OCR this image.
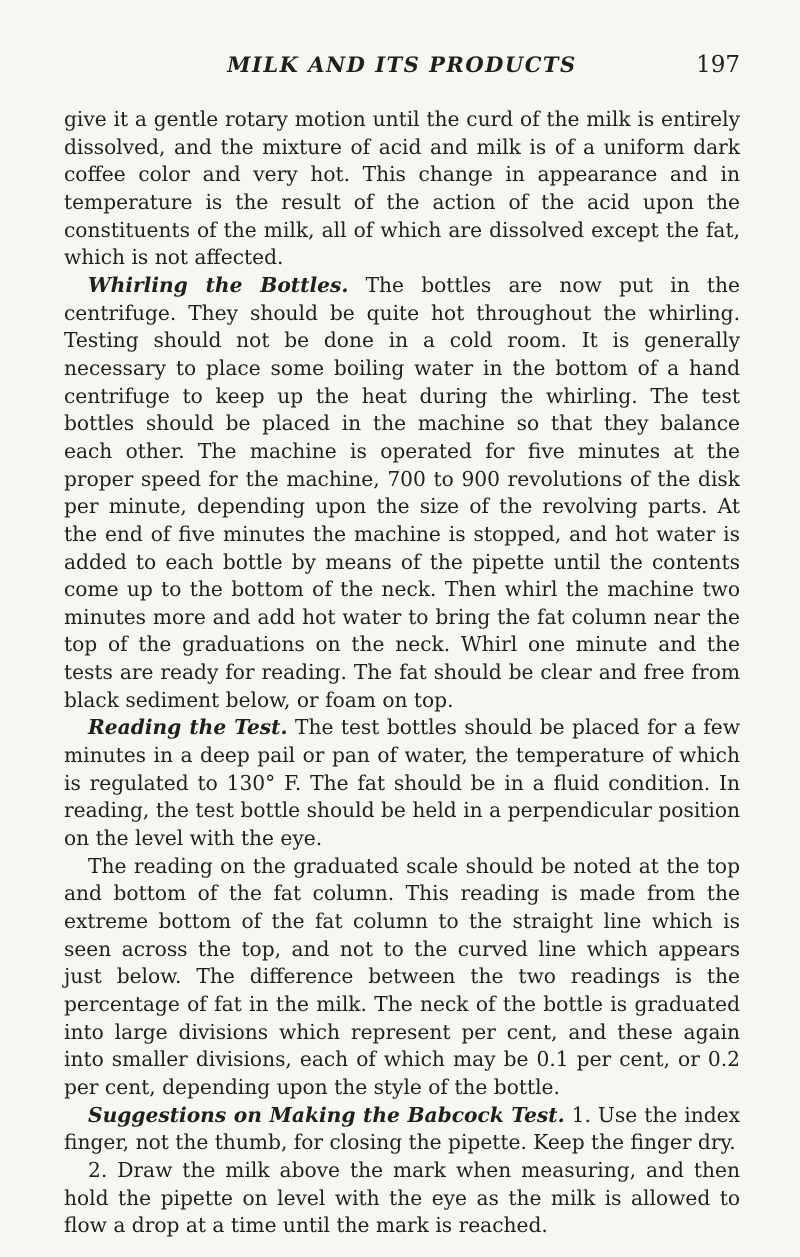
MILK AND ITS PRODUCTS	197

give it a gentle rotary motion until the curd of the milk is entirely dissolved, and the mixture of acid and milk is of a uniform dark coffee color and very hot. This change in appearance and in temperature is the result of the action of the acid upon the constituents of the milk, all of which are dissolved except the fat, which is not affected.

Whirling the Bottles. The bottles are now put in the centrifuge. They should be quite hot throughout the whirling. Testing should not be done in a cold room. It is generally necessary to place some boiling water in the bottom of a hand centrifuge to keep up the heat during the whirling. The test bottles should be placed in the machine so that they balance each other. The machine is operated for five minutes at the proper speed for the machine, 700 to 900 revolutions of the disk per minute, depending upon the size of the revolving parts. At the end of five minutes the machine is stopped, and hot water is added to each bottle by means of the pipette until the contents come up to the bottom of the neck. Then whirl the machine two minutes more and add hot water to bring the fat column near the top of the graduations on the neck. Whirl one minute and the tests are ready for reading. The fat should be clear and free from black sediment below, or foam on top.

Reading the Test. The test bottles should be placed for a few minutes in a deep pail or pan of water, the temperature of which is regulated to 130° F. The fat should be in a fluid condition. In reading, the test bottle should be held in a perpendicular position on the level with the eye.

The reading on the graduated scale should be noted at the top and bottom of the fat column. This reading is made from the extreme bottom of the fat column to the straight line which is seen across the top, and not to the curved line which appears just below. The difference between the two readings is the percentage of fat in the milk. The neck of the bottle is graduated into large divisions which represent per cent, and these again into smaller divisions, each of which may be 0.1 per cent, or 0.2 per cent, depending upon the style of the bottle.

Suggestions on Making the Babcock Test. 1. Use the index finger, not the thumb, for closing the pipette. Keep the finger dry.

2. Draw the milk above the mark when measuring, and then hold the pipette on level with the eye as the milk is allowed to flow a drop at a time until the mark is reached.
